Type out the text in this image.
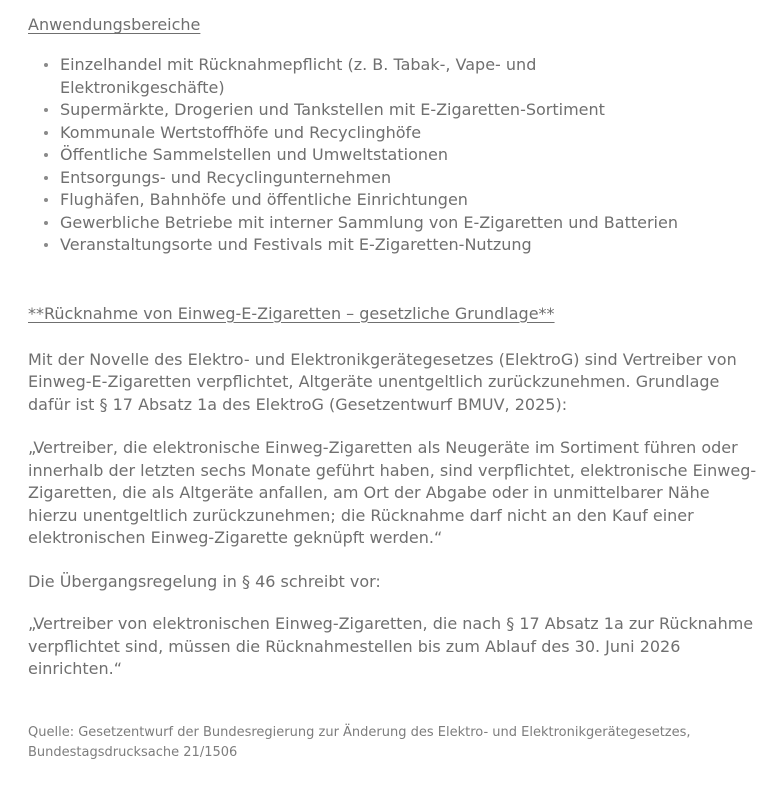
Anwendungsbereiche
Einzelhandel mit Rücknahmepflicht (z. B. Tabak-, Vape- und Elektronikgeschäfte)
Supermärkte, Drogerien und Tankstellen mit E-Zigaretten-Sortiment
Kommunale Wertstoffhöfe und Recyclinghöfe
Öffentliche Sammelstellen und Umweltstationen
Entsorgungs- und Recyclingunternehmen
Flughäfen, Bahnhöfe und öffentliche Einrichtungen
Gewerbliche Betriebe mit interner Sammlung von E-Zigaretten und Batterien
Veranstaltungsorte und Festivals mit E-Zigaretten-Nutzung
**Rücknahme von Einweg-E-Zigaretten – gesetzliche Grundlage**

Mit der Novelle des Elektro- und Elektronikgerätegesetzes (ElektroG) sind Vertreiber von Einweg-E-Zigaretten verpflichtet, Altgeräte unentgeltlich zurückzunehmen. Grundlage dafür ist § 17 Absatz 1a des ElektroG (Gesetzentwurf BMUV, 2025):

„Vertreiber, die elektronische Einweg-Zigaretten als Neugeräte im Sortiment führen oder innerhalb der letzten sechs Monate geführt haben, sind verpflichtet, elektronische Einweg-Zigaretten, die als Altgeräte anfallen, am Ort der Abgabe oder in unmittelbarer Nähe hierzu unentgeltlich zurückzunehmen; die Rücknahme darf nicht an den Kauf einer elektronischen Einweg-Zigarette geknüpft werden.“

Die Übergangsregelung in § 46 schreibt vor:

„Vertreiber von elektronischen Einweg-Zigaretten, die nach § 17 Absatz 1a zur Rücknahme verpflichtet sind, müssen die Rücknahmestellen bis zum Ablauf des 30. Juni 2026 einrichten.“

Quelle: Gesetzentwurf der Bundesregierung zur Änderung des Elektro- und Elektronikgerätegesetzes, Bundestagsdrucksache 21/1506
